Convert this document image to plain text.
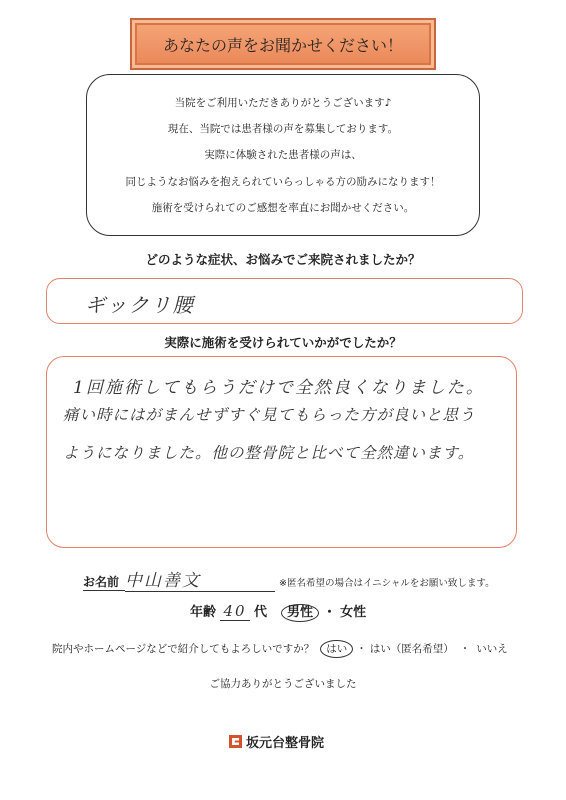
あなたの声をお聞かせください！

当院をご利用いただきありがとうございます♪

現在、当院では患者様の声を募集しております。

実際に体験された患者様の声は、

同じようなお悩みを抱えられていらっしゃる方の励みになります！

施術を受けられてのご感想を率直にお聞かせください。

どのような症状、お悩みでご来院されましたか？
ギックリ腰
実際に施術を受けられていかがでしたか？
1回施術してもらうだけで全然良くなりました。
痛い時にはがまんせずすぐ見てもらった方が良いと思う
ようになりました。他の整骨院と比べて全然違います。
お名前 中山善文	※匿名希望の場合はイニシャルをお願い致します。
年齢 40 代	男性 ・ 女性
院内やホームページなどで紹介してもよろしいですか？	はい ・ はい（匿名希望） ・ いいえ
ご協力ありがとうございました
坂元台整骨院
